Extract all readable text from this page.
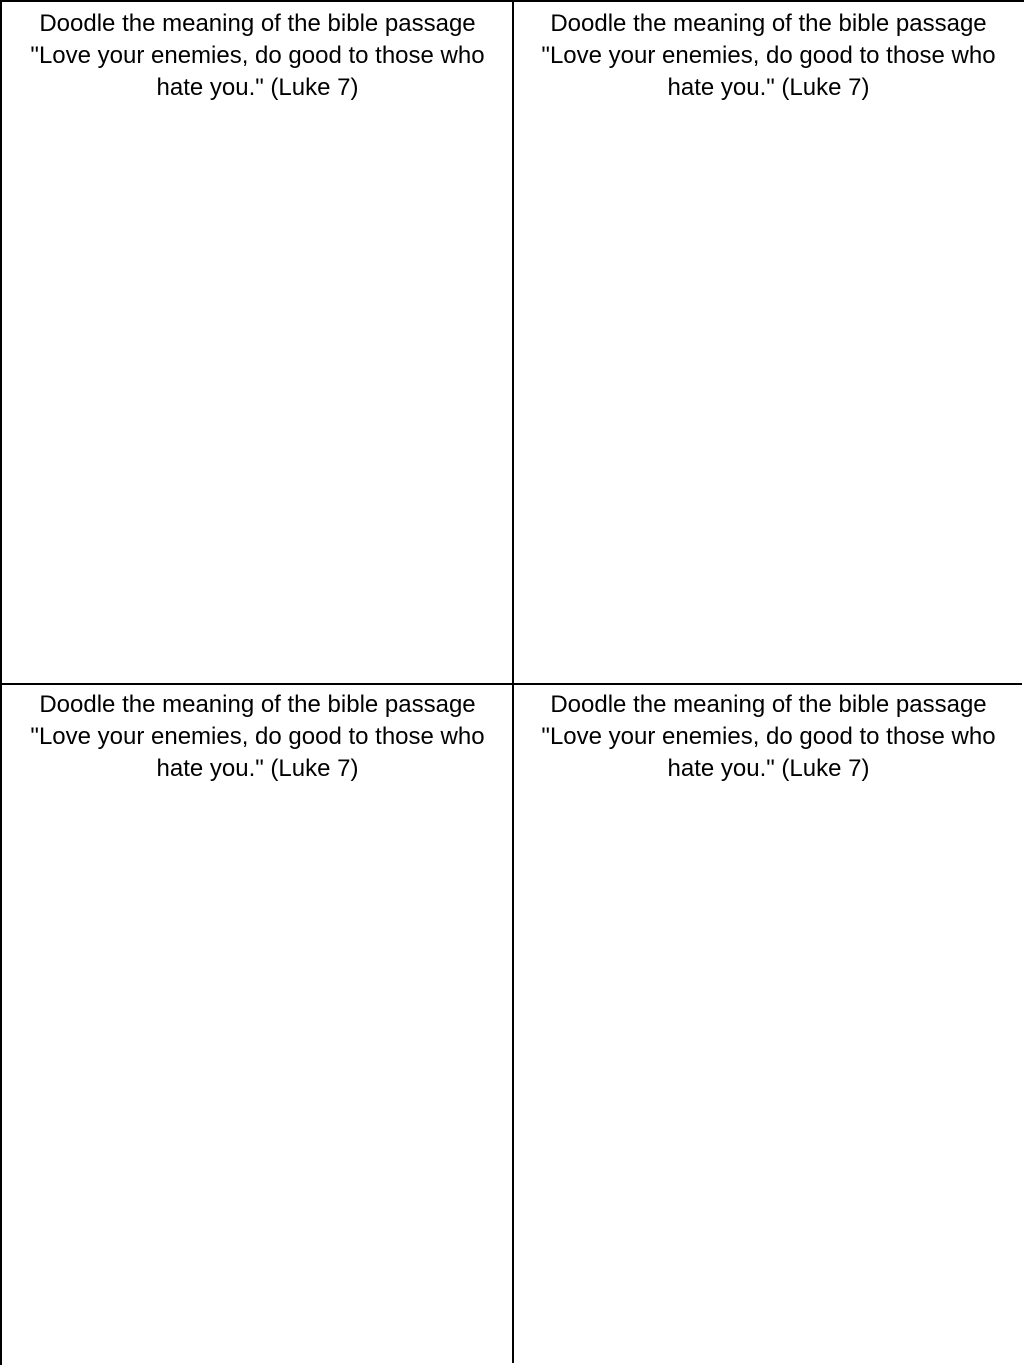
Doodle the meaning of the bible passage
"Love your enemies, do good to those who
hate you." (Luke 7)

Doodle the meaning of the bible passage
"Love your enemies, do good to those who
hate you." (Luke 7)

Doodle the meaning of the bible passage
"Love your enemies, do good to those who
hate you." (Luke 7)

Doodle the meaning of the bible passage
"Love your enemies, do good to those who
hate you." (Luke 7)
